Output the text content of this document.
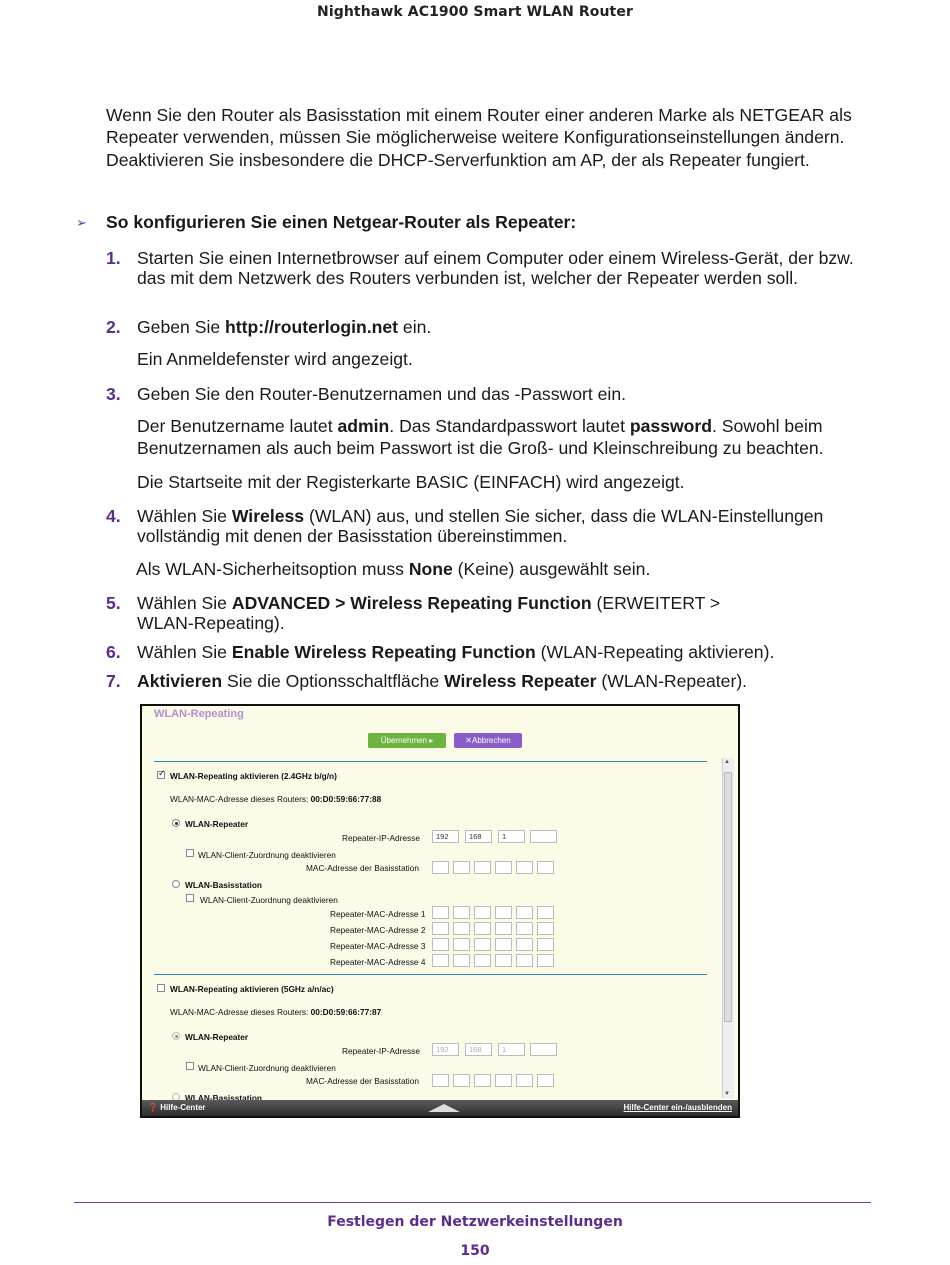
Nighthawk AC1900 Smart WLAN Router
Wenn Sie den Router als Basisstation mit einem Router einer anderen Marke als NETGEAR als Repeater verwenden, müssen Sie möglicherweise weitere Konfigurationseinstellungen ändern. Deaktivieren Sie insbesondere die DHCP-Serverfunktion am AP, der als Repeater fungiert.
➢ So konfigurieren Sie einen Netgear-Router als Repeater:
1. Starten Sie einen Internetbrowser auf einem Computer oder einem Wireless-Gerät, der bzw. das mit dem Netzwerk des Routers verbunden ist, welcher der Repeater werden soll.
2. Geben Sie http://routerlogin.net ein.
Ein Anmeldefenster wird angezeigt.
3. Geben Sie den Router-Benutzernamen und das -Passwort ein.
Der Benutzername lautet admin. Das Standardpasswort lautet password. Sowohl beim Benutzernamen als auch beim Passwort ist die Groß- und Kleinschreibung zu beachten.
Die Startseite mit der Registerkarte BASIC (EINFACH) wird angezeigt.
4. Wählen Sie Wireless (WLAN) aus, und stellen Sie sicher, dass die WLAN-Einstellungen vollständig mit denen der Basisstation übereinstimmen.
Als WLAN-Sicherheitsoption muss None (Keine) ausgewählt sein.
5. Wählen Sie ADVANCED > Wireless Repeating Function (ERWEITERT > WLAN-Repeating).
6. Wählen Sie Enable Wireless Repeating Function (WLAN-Repeating aktivieren).
7. Aktivieren Sie die Optionsschaltfläche Wireless Repeater (WLAN-Repeater).
WLAN-Repeating
Übernehmen ▸	✕Abbrechen
✓
WLAN-Repeating aktivieren (2.4GHz b/g/n)
WLAN-MAC-Adresse dieses Routers: 00:D0:59:66:77:88
WLAN-Repeater
Repeater-IP-Adresse	192	168	1
WLAN-Client-Zuordnung deaktivieren
MAC-Adresse der Basisstation
WLAN-Basisstation
WLAN-Client-Zuordnung deaktivieren
Repeater-MAC-Adresse 1
Repeater-MAC-Adresse 2
Repeater-MAC-Adresse 3
Repeater-MAC-Adresse 4
WLAN-Repeating aktivieren (5GHz a/n/ac)
WLAN-MAC-Adresse dieses Routers: 00:D0:59:66:77:87
WLAN-Repeater
Repeater-IP-Adresse	192	168	1
WLAN-Client-Zuordnung deaktivieren
MAC-Adresse der Basisstation
WLAN-Basisstation
▲
▼
❓ Hilfe-Center	Hilfe-Center ein-/ausblenden
Festlegen der Netzwerkeinstellungen
150
